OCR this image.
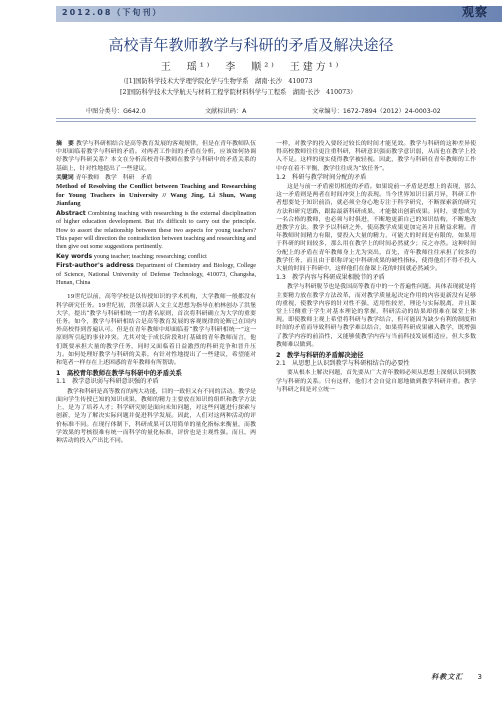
2012.08（下旬刊）	观察
高校青年教师教学与科研的矛盾及解决途径
王　瑶¹⁾　李　顺²⁾　王建方¹⁾
（[1]国防科学技术大学理学院化学与生物学系　湖南·长沙　410073
[2]国防科学技术大学航天与材料工程学院材料科学与工程系　湖南·长沙　410073）
中图分类号：G642.0	文献标识码：A	文章编号：1672-7894（2012）24-0003-02

摘　要 教学与科研相结合是高等教育发展的客观规律，但是在青年教师队伍中却面临着教学与科研的矛盾。对两者工作间的矛盾在分析，应该如何协调好教学与科研关系？本文在分析高校青年教师在教学与科研中的矛盾关系的基础上，针对性地提出了一些建议。

关键词 青年教师　教学　科研　矛盾

Method of Resolving the Conflict between Teaching and Researching for Young Teachers in University // Wang Jing, Li Shun, Wang Jianfang

Abstract Combining teaching with researching is the external disciplination of higher education development. But it's difficult to carry out the principle. How to assort the relationship between these two aspects for young teachers? This paper will direction the contradiction between teaching and researching and then give out some suggestions pertinently.

Key words young teacher; teaching; researching; conflict

First-author's address Department of Chemistry and Biology, College of Science, National University of Defense Technology, 410073, Changsha, Hunan, China

19世纪以前，高等学校是以传授知识的学术机构，大学教师一般都没有科学研究任务。19世纪初，洪堡以新人文主义思想为指导在柏林创办了洪堡大学，提出“教学与科研相统一”的著名原则，首次将科研确立为大学的重要任务。如今，教学与科研相结合是高等教育发展的客观规律的论断已在国内外高校得到普遍认可。但是在青年教师中却面临着“教学与科研相统一”这一原则所引起的事业冲突。尤其对处于成长阶段和打基础的青年教师而言，他们既要承担大量的教学任务，同时又面临着日益激烈的科研竞争和晋升压力。如何处理好教学与科研的关系，有针对性地提出了一些建议，希望能对和笔者一样存在上述困惑的青年教师有所帮助。

1　高校青年教师在教学与科研中的矛盾关系

1.1　教学意识弱与科研意识强的矛盾

教学和科研是高等教育的两大功能，目的一致但又有不同的活动。教学是面向学生传授已知的知识成果，教师的精力主要放在知识的组织和教学方法上，是为了培养人才；科学研究则是面向未知问题，对这些问题进行探索与创新，是为了解决实际问题并促进科学发展。因此，人们对这两种活动的评价标准不同。在现行体制下，科研成果可以用简单的量化指标来衡量，而教学效果的考核很难有统一而科学的量化标准，评价也是主观性强。而且，两种活动的投入产出比不同。

一样，对教学的投入要经过较长的时间才能见效。教学与科研的这种差异使得高校教师往往更注重科研，科研意识强而教学意识弱，从而也在教学上投入不足。这样的现实使得教学被轻视。因此，教学与科研在青年教师的工作中存在着不平衡，教学往往成为“软任务”。

1.2　科研与教学时间分配的矛盾

这是与前一矛盾密切相连的矛盾。如果说前一矛盾是思想上的表现，那么这一矛盾则是两者在时间冲突上的表现。当今世界知识日新月异，科研工作者想要处于知识前沿，就必须全身心地专注于科学研究，不断探索新的研究方法和研究思路，跟踪最新科研成果，才能做出创新成果。同时，要想成为一名合格的教师，也必须与时俱进，不断地更新自己的知识结构，不断地改进教学方法。教学予以科研之外，使高教学成果更加完善并且精益求精。青年教师时间精力有限，要投入大量的精力，可能大的时间是有限的，如果用于科研的时间较多，那么用在教学上的时间必然就少；反之亦然。这种时间分配上的矛盾在青年教师身上尤为突出，首先，青年教师往往承担了较多的教学任务，而且由于职称评定中科研成果的硬性指标，使得他们不得不投入大量的时间于科研中，这样他们在备课上花的时间就必然减少。

1.3　教学内容与科研成果相脱节的矛盾

教学与科研脱节也是我国高等教育中的一个普遍性问题。具体表现就是将主要精力放在教学方法改革，而对教学质量起决定作用的内容更新没有足够的重视，使教学内容的针对性不强，适用性较差，理论与实际脱离，并且课堂上只侧重于学生对基本理论的掌握，科研活动的结果却很难在课堂上体现。即使教师主观上希望将科研与教学结合，但可能因为缺少有利的制度和时间的矛盾而导致科研与教学难以结合，如果将科研成果融入教学，既增强了教学内容的前沿性，又能够使教学内容与当前科技发展相适应，但大多数教师难以做到。

2　教学与科研的矛盾解决途径

2.1　从思想上认识到教学与科研相结合的必要性

要从根本上解决问题，首先要从广大青年教师必须从思想上深刻认识到教学与科研的关系。只有这样，他们才会自觉自愿地做到教学科研并重。教学与科研之间是对立统一

科教文汇 3
